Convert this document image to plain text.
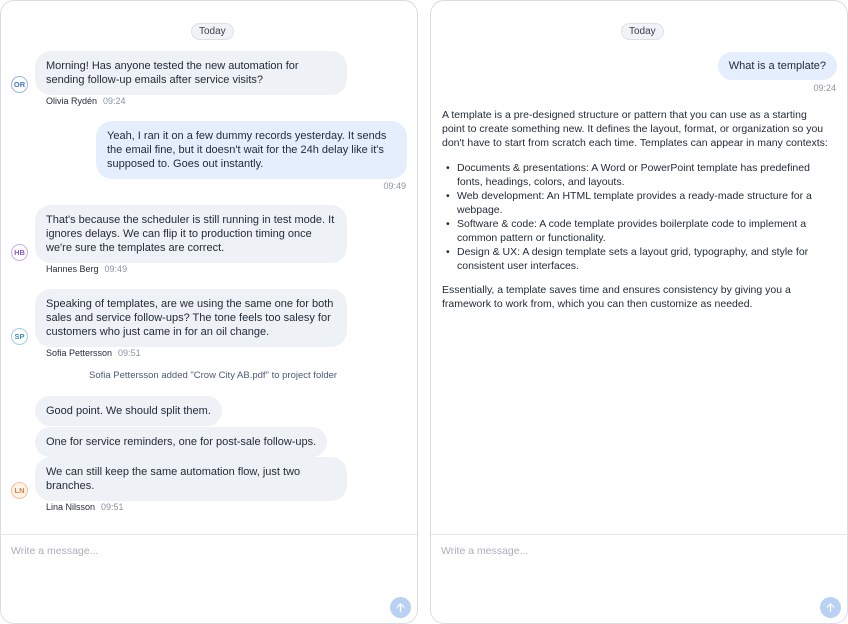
Today
OR
Morning! Has anyone tested the new automation for sending follow-up emails after service visits?
Olivia Rydén 09:24
Yeah, I ran it on a few dummy records yesterday. It sends the email fine, but it doesn't wait for the 24h delay like it's supposed to. Goes out instantly.
09:49
HB
That's because the scheduler is still running in test mode. It ignores delays. We can flip it to production timing once we're sure the templates are correct.
Hannes Berg 09:49
SP
Speaking of templates, are we using the same one for both sales and service follow-ups? The tone feels too salesy for customers who just came in for an oil change.
Sofia Pettersson 09:51
Sofia Pettersson added "Crow City AB.pdf" to project folder
Good point. We should split them.
One for service reminders, one for post-sale follow-ups.
LN
We can still keep the same automation flow, just two branches.
Lina Nilsson 09:51
Write a message...
Today
What is a template?
09:24

A template is a pre-designed structure or pattern that you can use as a starting point to create something new. It defines the layout, format, or organization so you don't have to start from scratch each time. Templates can appear in many contexts:

• Documents & presentations: A Word or PowerPoint template has predefined fonts, headings, colors, and layouts.
• Web development: An HTML template provides a ready-made structure for a webpage.
• Software & code: A code template provides boilerplate code to implement a common pattern or functionality.
• Design & UX: A design template sets a layout grid, typography, and style for consistent user interfaces.

Essentially, a template saves time and ensures consistency by giving you a framework to work from, which you can then customize as needed.

Write a message...
